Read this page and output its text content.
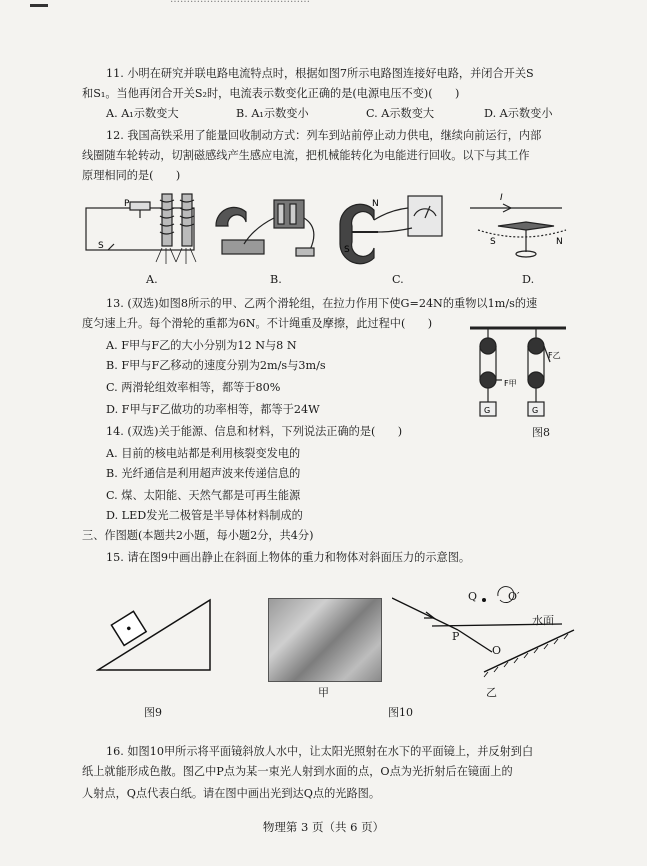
11. 小明在研究并联电路电流特点时，根据如图7所示电路图连接好电路，并闭合开关S
和S₁。当他再闭合开关S₂时，电流表示数变化正确的是(电源电压不变)(　　)
A. A₁示数变大	B. A₁示数变小	C. A示数变大	D. A示数变小
12. 我国高铁采用了能量回收制动方式：列车到站前停止动力供电，继续向前运行，内部
线圈随车轮转动，切割磁感线产生感应电流，把机械能转化为电能进行回收。以下与其工作
原理相同的是(　　)
P
S
N
S
I
S	N
A.	B.	C.	D.
13. (双选)如图8所示的甲、乙两个滑轮组，在拉力作用下使G=24N的重物以1m/s的速
度匀速上升。每个滑轮的重都为6N。不计绳重及摩擦，此过程中(　　)
A. F甲与F乙的大小分别为12 N与8 N
B. F甲与F乙移动的速度分别为2m/s与3m/s
C. 两滑轮组效率相等，都等于80%
D. F甲与F乙做功的功率相等，都等于24W
F甲
F乙
G	G
图8
14. (双选)关于能源、信息和材料，下列说法正确的是(　　)
A. 目前的核电站都是利用核裂变发电的
B. 光纤通信是利用超声波来传递信息的
C. 煤、太阳能、天然气都是可再生能源
D. LED发光二极管是半导体材料制成的
三、作图题(本题共2小题，每小题2分，共4分)
15. 请在图9中画出静止在斜面上物体的重力和物体对斜面压力的示意图。
图9
甲
图10
Q	O′
P
O
水面
乙
16. 如图10甲所示将平面镜斜放人水中，让太阳光照射在水下的平面镜上，并反射到白
纸上就能形成色散。图乙中P点为某一束光人射到水面的点，O点为光折射后在镜面上的
人射点，Q点代表白纸。请在图中画出光到达Q点的光路图。
物理第 3 页（共 6 页）
